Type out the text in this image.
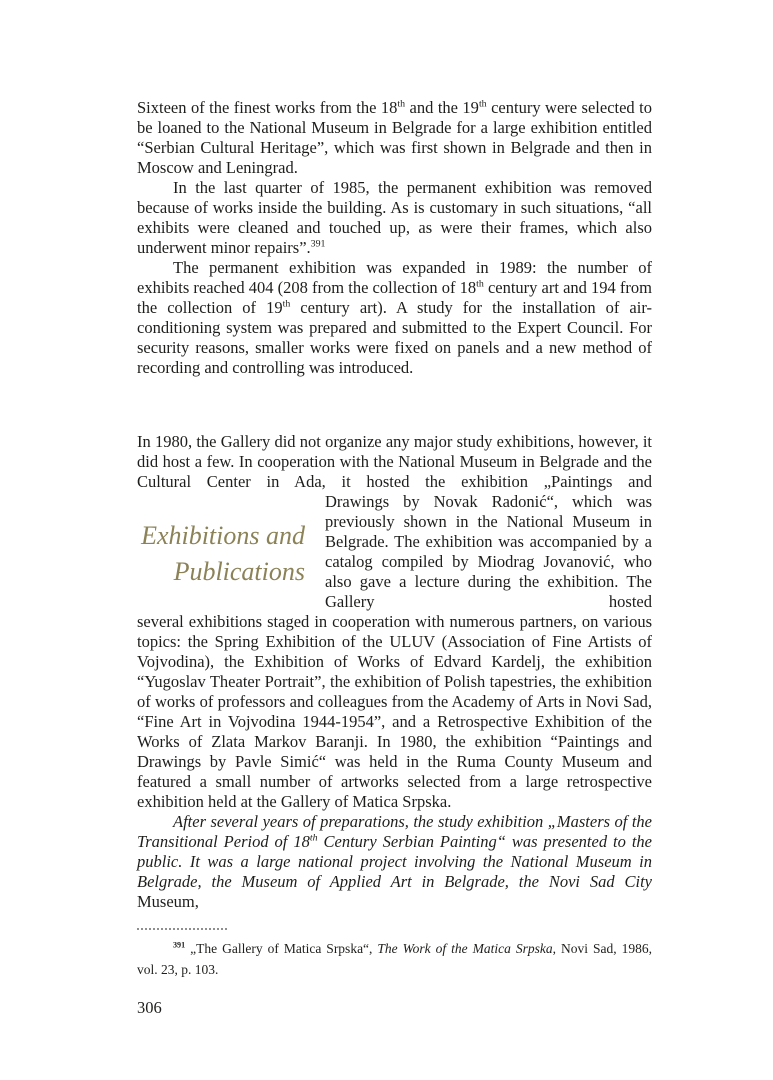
Sixteen of the finest works from the 18th and the 19th century were selected to be loaned to the National Museum in Belgrade for a large exhibition entitled “Serbian Cultural Heritage”, which was first shown in Belgrade and then in Moscow and Leningrad.

In the last quarter of 1985, the permanent exhibition was removed because of works inside the building. As is customary in such situations, “all exhibits were cleaned and touched up, as were their frames, which also underwent minor repairs”.$^{391}$

The permanent exhibition was expanded in 1989: the number of exhibits reached 404 (208 from the collection of 18th century art and 194 from the collection of 19th century art). A study for the installation of air-conditioning system was prepared and submitted to the Expert Council. For security reasons, smaller works were fixed on panels and a new method of recording and controlling was introduced.

In 1980, the Gallery did not organize any major study exhibitions, however, it did host a few. In cooperation with the National Museum in Belgrade and the Cultural Center in Ada, it hosted the exhibition „Paintings and

Exhibitions and
Publications

Drawings by Novak Radonić“, which was previously shown in the National Museum in Belgrade. The exhibition was accompanied by a catalog compiled by Miodrag Jovanović, who also gave a lecture during the exhibition. The Gallery hosted

several exhibitions staged in cooperation with numerous partners, on various topics: the Spring Exhibition of the ULUV (Association of Fine Artists of Vojvodina), the Exhibition of Works of Edvard Kardelj, the exhibition “Yugoslav Theater Portrait”, the exhibition of Polish tapestries, the exhibition of works of professors and colleagues from the Academy of Arts in Novi Sad, “Fine Art in Vojvodina 1944-1954”, and a Retrospective Exhibition of the Works of Zlata Markov Baranji. In 1980, the exhibition “Paintings and Drawings by Pavle Simić“ was held in the Ruma County Museum and featured a small number of artworks selected from a large retrospective exhibition held at the Gallery of Matica Srpska.

After several years of preparations, the study exhibition „Masters of the Transitional Period of 18th Century Serbian Painting“ was presented to the public. It was a large national project involving the National Museum in Belgrade, the Museum of Applied Art in Belgrade, the Novi Sad City Museum,

$^{391}$ „The Gallery of Matica Srpska“, The Work of the Matica Srpska, Novi Sad, 1986, vol. 23, p. 103.

306
